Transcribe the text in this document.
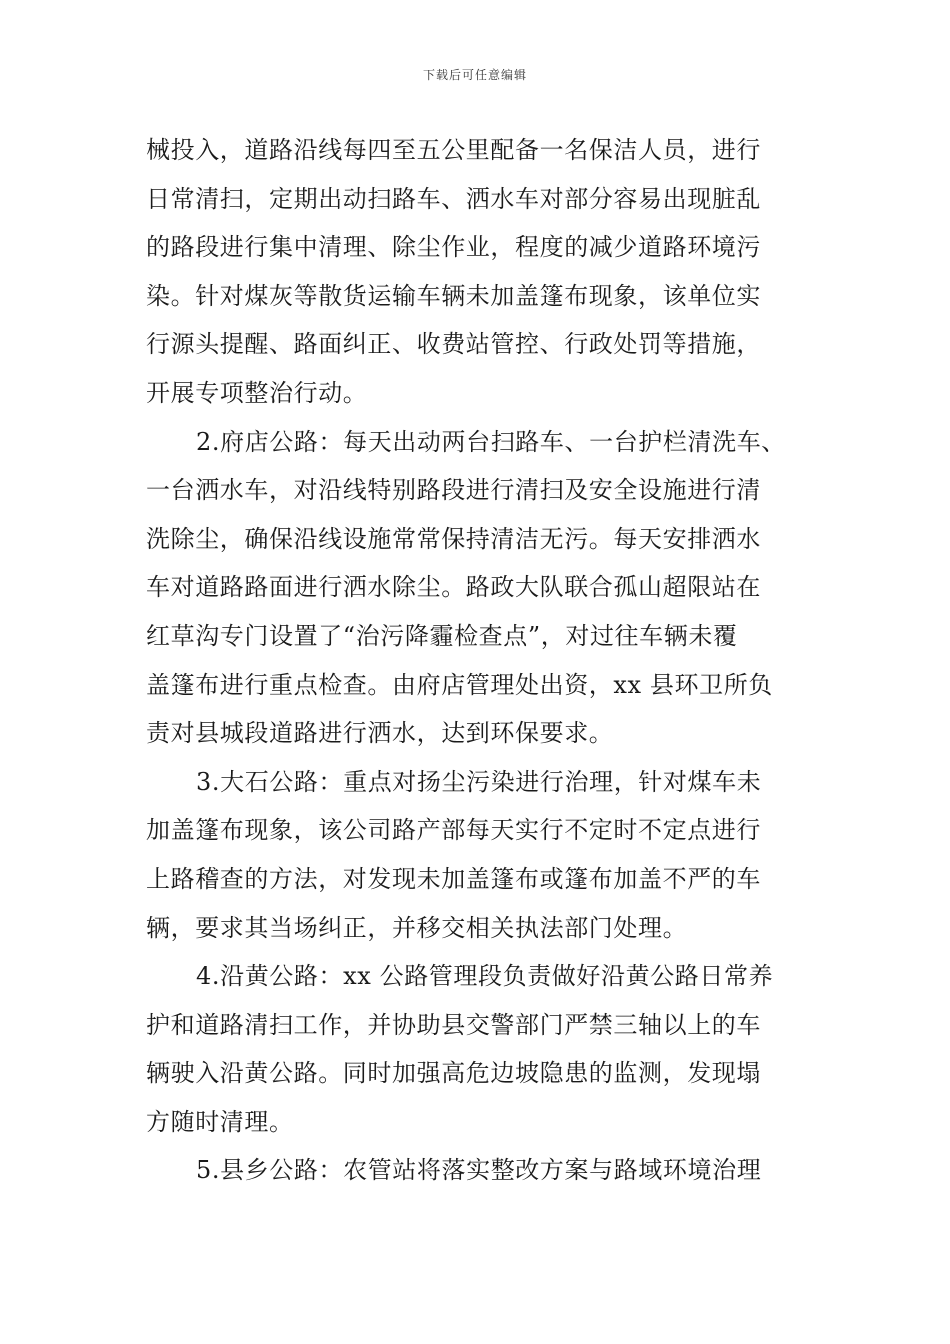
下载后可任意编辑
械投入，道路沿线每四至五公里配备一名保洁人员，进行
日常清扫，定期出动扫路车、洒水车对部分容易出现脏乱
的路段进行集中清理、除尘作业，程度的减少道路环境污
染。针对煤灰等散货运输车辆未加盖篷布现象，该单位实
行源头提醒、路面纠正、收费站管控、行政处罚等措施，
开展专项整治行动。
2.府店公路：每天出动两台扫路车、一台护栏清洗车、
一台洒水车，对沿线特别路段进行清扫及安全设施进行清
洗除尘，确保沿线设施常常保持清洁无污。每天安排洒水
车对道路路面进行洒水除尘。路政大队联合孤山超限站在
红草沟专门设置了“治污降霾检查点”，对过往车辆未覆
盖篷布进行重点检查。由府店管理处出资，xx 县环卫所负
责对县城段道路进行洒水，达到环保要求。
3.大石公路：重点对扬尘污染进行治理，针对煤车未
加盖篷布现象，该公司路产部每天实行不定时不定点进行
上路稽查的方法，对发现未加盖篷布或篷布加盖不严的车
辆，要求其当场纠正，并移交相关执法部门处理。
4.沿黄公路：xx 公路管理段负责做好沿黄公路日常养
护和道路清扫工作，并协助县交警部门严禁三轴以上的车
辆驶入沿黄公路。同时加强高危边坡隐患的监测，发现塌
方随时清理。
5.县乡公路：农管站将落实整改方案与路域环境治理
